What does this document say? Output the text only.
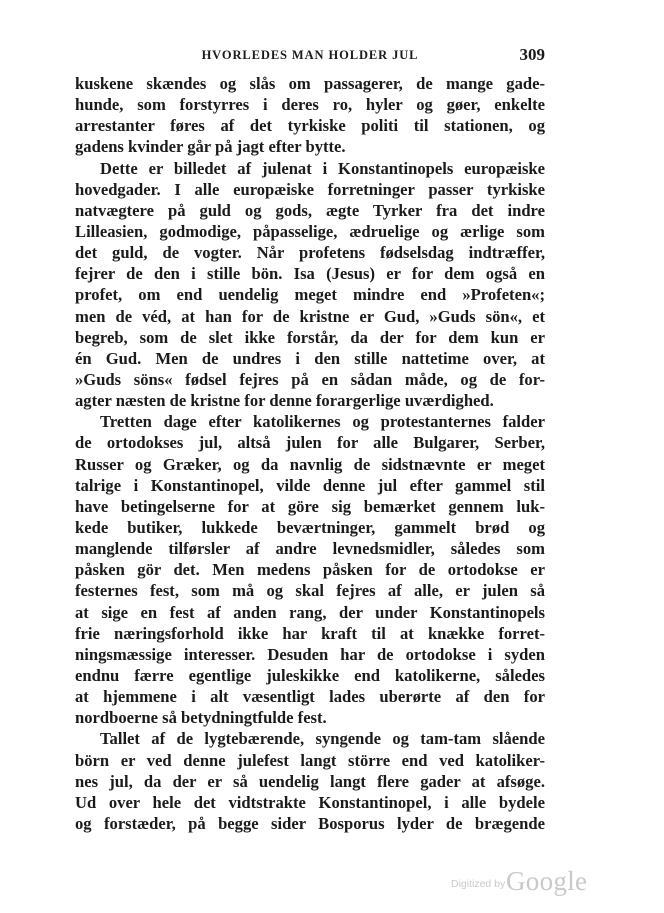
HVORLEDES MAN HOLDER JUL	309
kuskene skændes og slås om passagerer, de mange gade-
hunde, som forstyrres i deres ro, hyler og gøer, enkelte
arrestanter føres af det tyrkiske politi til stationen, og
gadens kvinder går på jagt efter bytte.
Dette er billedet af julenat i Konstantinopels europæiske
hovedgader. I alle europæiske forretninger passer tyrkiske
natvægtere på guld og gods, ægte Tyrker fra det indre
Lilleasien, godmodige, påpasselige, ædruelige og ærlige som
det guld, de vogter. Når profetens fødselsdag indtræffer,
fejrer de den i stille bön. Isa (Jesus) er for dem også en
profet, om end uendelig meget mindre end »Profeten«;
men de véd, at han for de kristne er Gud, »Guds sön«, et
begreb, som de slet ikke forstår, da der for dem kun er
én Gud. Men de undres i den stille nattetime over, at
»Guds söns« fødsel fejres på en sådan måde, og de for-
agter næsten de kristne for denne forargerlige uværdighed.
Tretten dage efter katolikernes og protestanternes falder
de ortodokses jul, altså julen for alle Bulgarer, Serber,
Russer og Græker, og da navnlig de sidstnævnte er meget
talrige i Konstantinopel, vilde denne jul efter gammel stil
have betingelserne for at göre sig bemærket gennem luk-
kede butiker, lukkede beværtninger, gammelt brød og
manglende tilførsler af andre levnedsmidler, således som
påsken gör det. Men medens påsken for de ortodokse er
festernes fest, som må og skal fejres af alle, er julen så
at sige en fest af anden rang, der under Konstantinopels
frie næringsforhold ikke har kraft til at knække forret-
ningsmæssige interesser. Desuden har de ortodokse i syden
endnu færre egentlige juleskikke end katolikerne, således
at hjemmene i alt væsentligt lades uberørte af den for
nordboerne så betydningtfulde fest.
Tallet af de lygtebærende, syngende og tam-tam slående
börn er ved denne julefest langt större end ved katoliker-
nes jul, da der er så uendelig langt flere gader at afsøge.
Ud over hele det vidtstrakte Konstantinopel, i alle bydele
og forstæder, på begge sider Bosporus lyder de brægende
Digitized by Google
